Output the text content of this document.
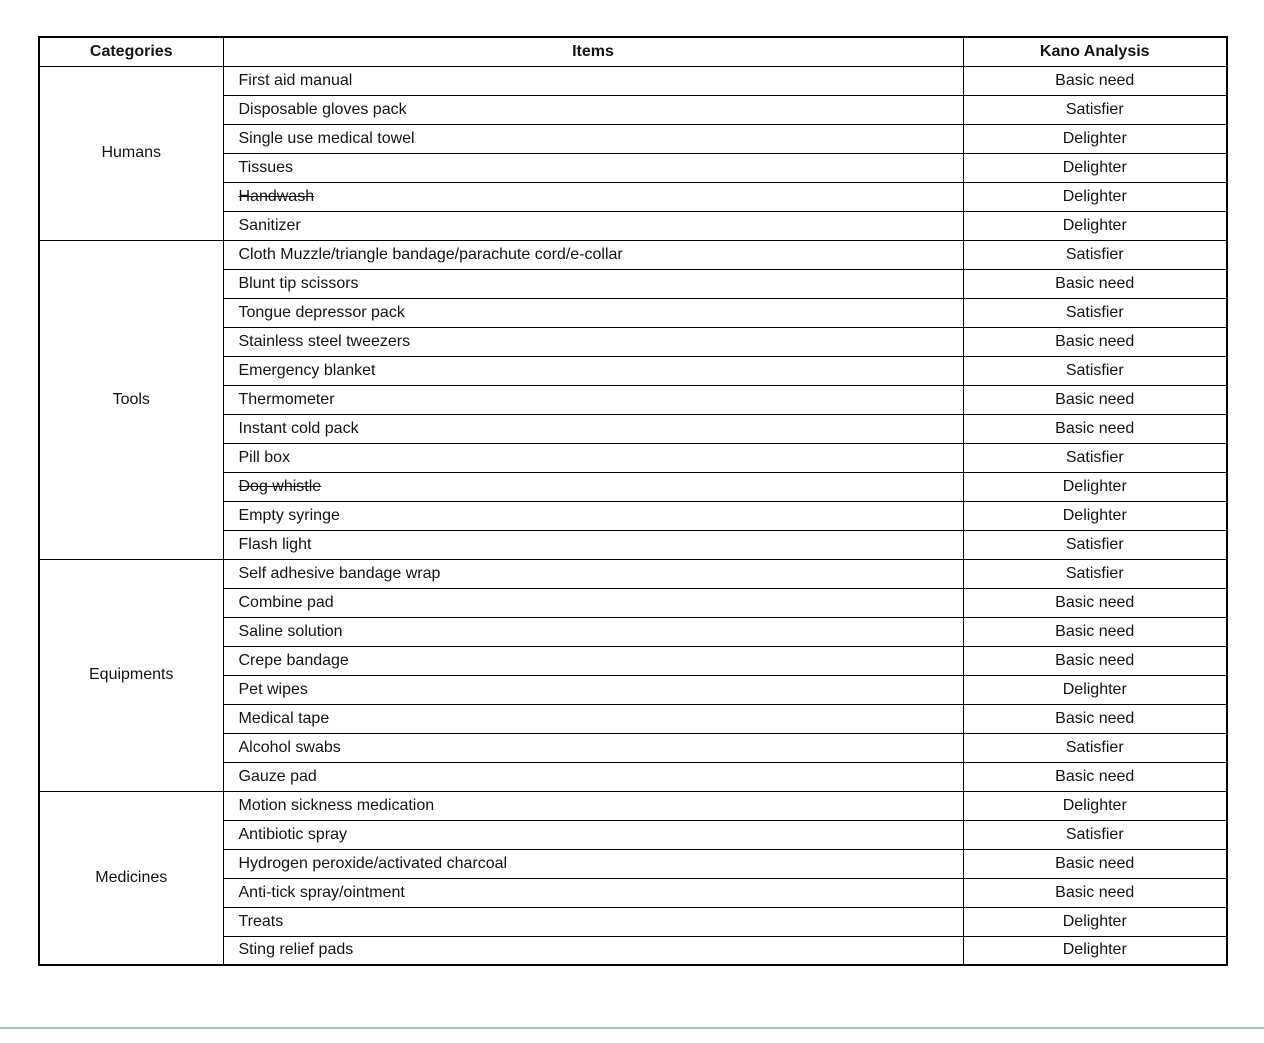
Categories	Items	Kano Analysis
Humans	First aid manual	Basic need
	Disposable gloves pack	Satisfier
	Single use medical towel	Delighter
	Tissues	Delighter
	Handwash	Delighter
	Sanitizer	Delighter
Tools	Cloth Muzzle/triangle bandage/parachute cord/e-collar	Satisfier
	Blunt tip scissors	Basic need
	Tongue depressor pack	Satisfier
	Stainless steel tweezers	Basic need
	Emergency blanket	Satisfier
	Thermometer	Basic need
	Instant cold pack	Basic need
	Pill box	Satisfier
	Dog whistle	Delighter
	Empty syringe	Delighter
	Flash light	Satisfier
Equipments	Self adhesive bandage wrap	Satisfier
	Combine pad	Basic need
	Saline solution	Basic need
	Crepe bandage	Basic need
	Pet wipes	Delighter
	Medical tape	Basic need
	Alcohol swabs	Satisfier
	Gauze pad	Basic need
Medicines	Motion sickness medication	Delighter
	Antibiotic spray	Satisfier
	Hydrogen peroxide/activated charcoal	Basic need
	Anti-tick spray/ointment	Basic need
	Treats	Delighter
	Sting relief pads	Delighter
